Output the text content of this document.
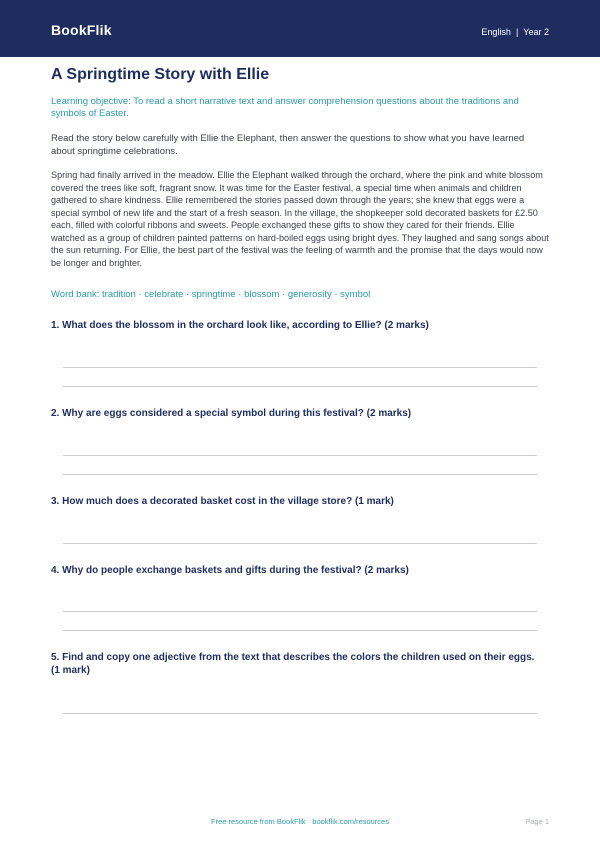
BookFlik	English | Year 2
A Springtime Story with Ellie
Learning objective: To read a short narrative text and answer comprehension questions about the traditions and symbols of Easter.
Read the story below carefully with Ellie the Elephant, then answer the questions to show what you have learned about springtime celebrations.
Spring had finally arrived in the meadow. Ellie the Elephant walked through the orchard, where the pink and white blossom covered the trees like soft, fragrant snow. It was time for the Easter festival, a special time when animals and children gathered to share kindness. Ellie remembered the stories passed down through the years; she knew that eggs were a special symbol of new life and the start of a fresh season. In the village, the shopkeeper sold decorated baskets for £2.50 each, filled with colorful ribbons and sweets. People exchanged these gifts to show they cared for their friends. Ellie watched as a group of children painted patterns on hard-boiled eggs using bright dyes. They laughed and sang songs about the sun returning. For Ellie, the best part of the festival was the feeling of warmth and the promise that the days would now be longer and brighter.
Word bank: tradition · celebrate · springtime · blossom · generosity · symbol
1. What does the blossom in the orchard look like, according to Ellie? (2 marks)
2. Why are eggs considered a special symbol during this festival? (2 marks)
3. How much does a decorated basket cost in the village store? (1 mark)
4. Why do people exchange baskets and gifts during the festival? (2 marks)
5. Find and copy one adjective from the text that describes the colors the children used on their eggs. (1 mark)
Free resource from BookFlik · bookflik.com/resources	Page 1
